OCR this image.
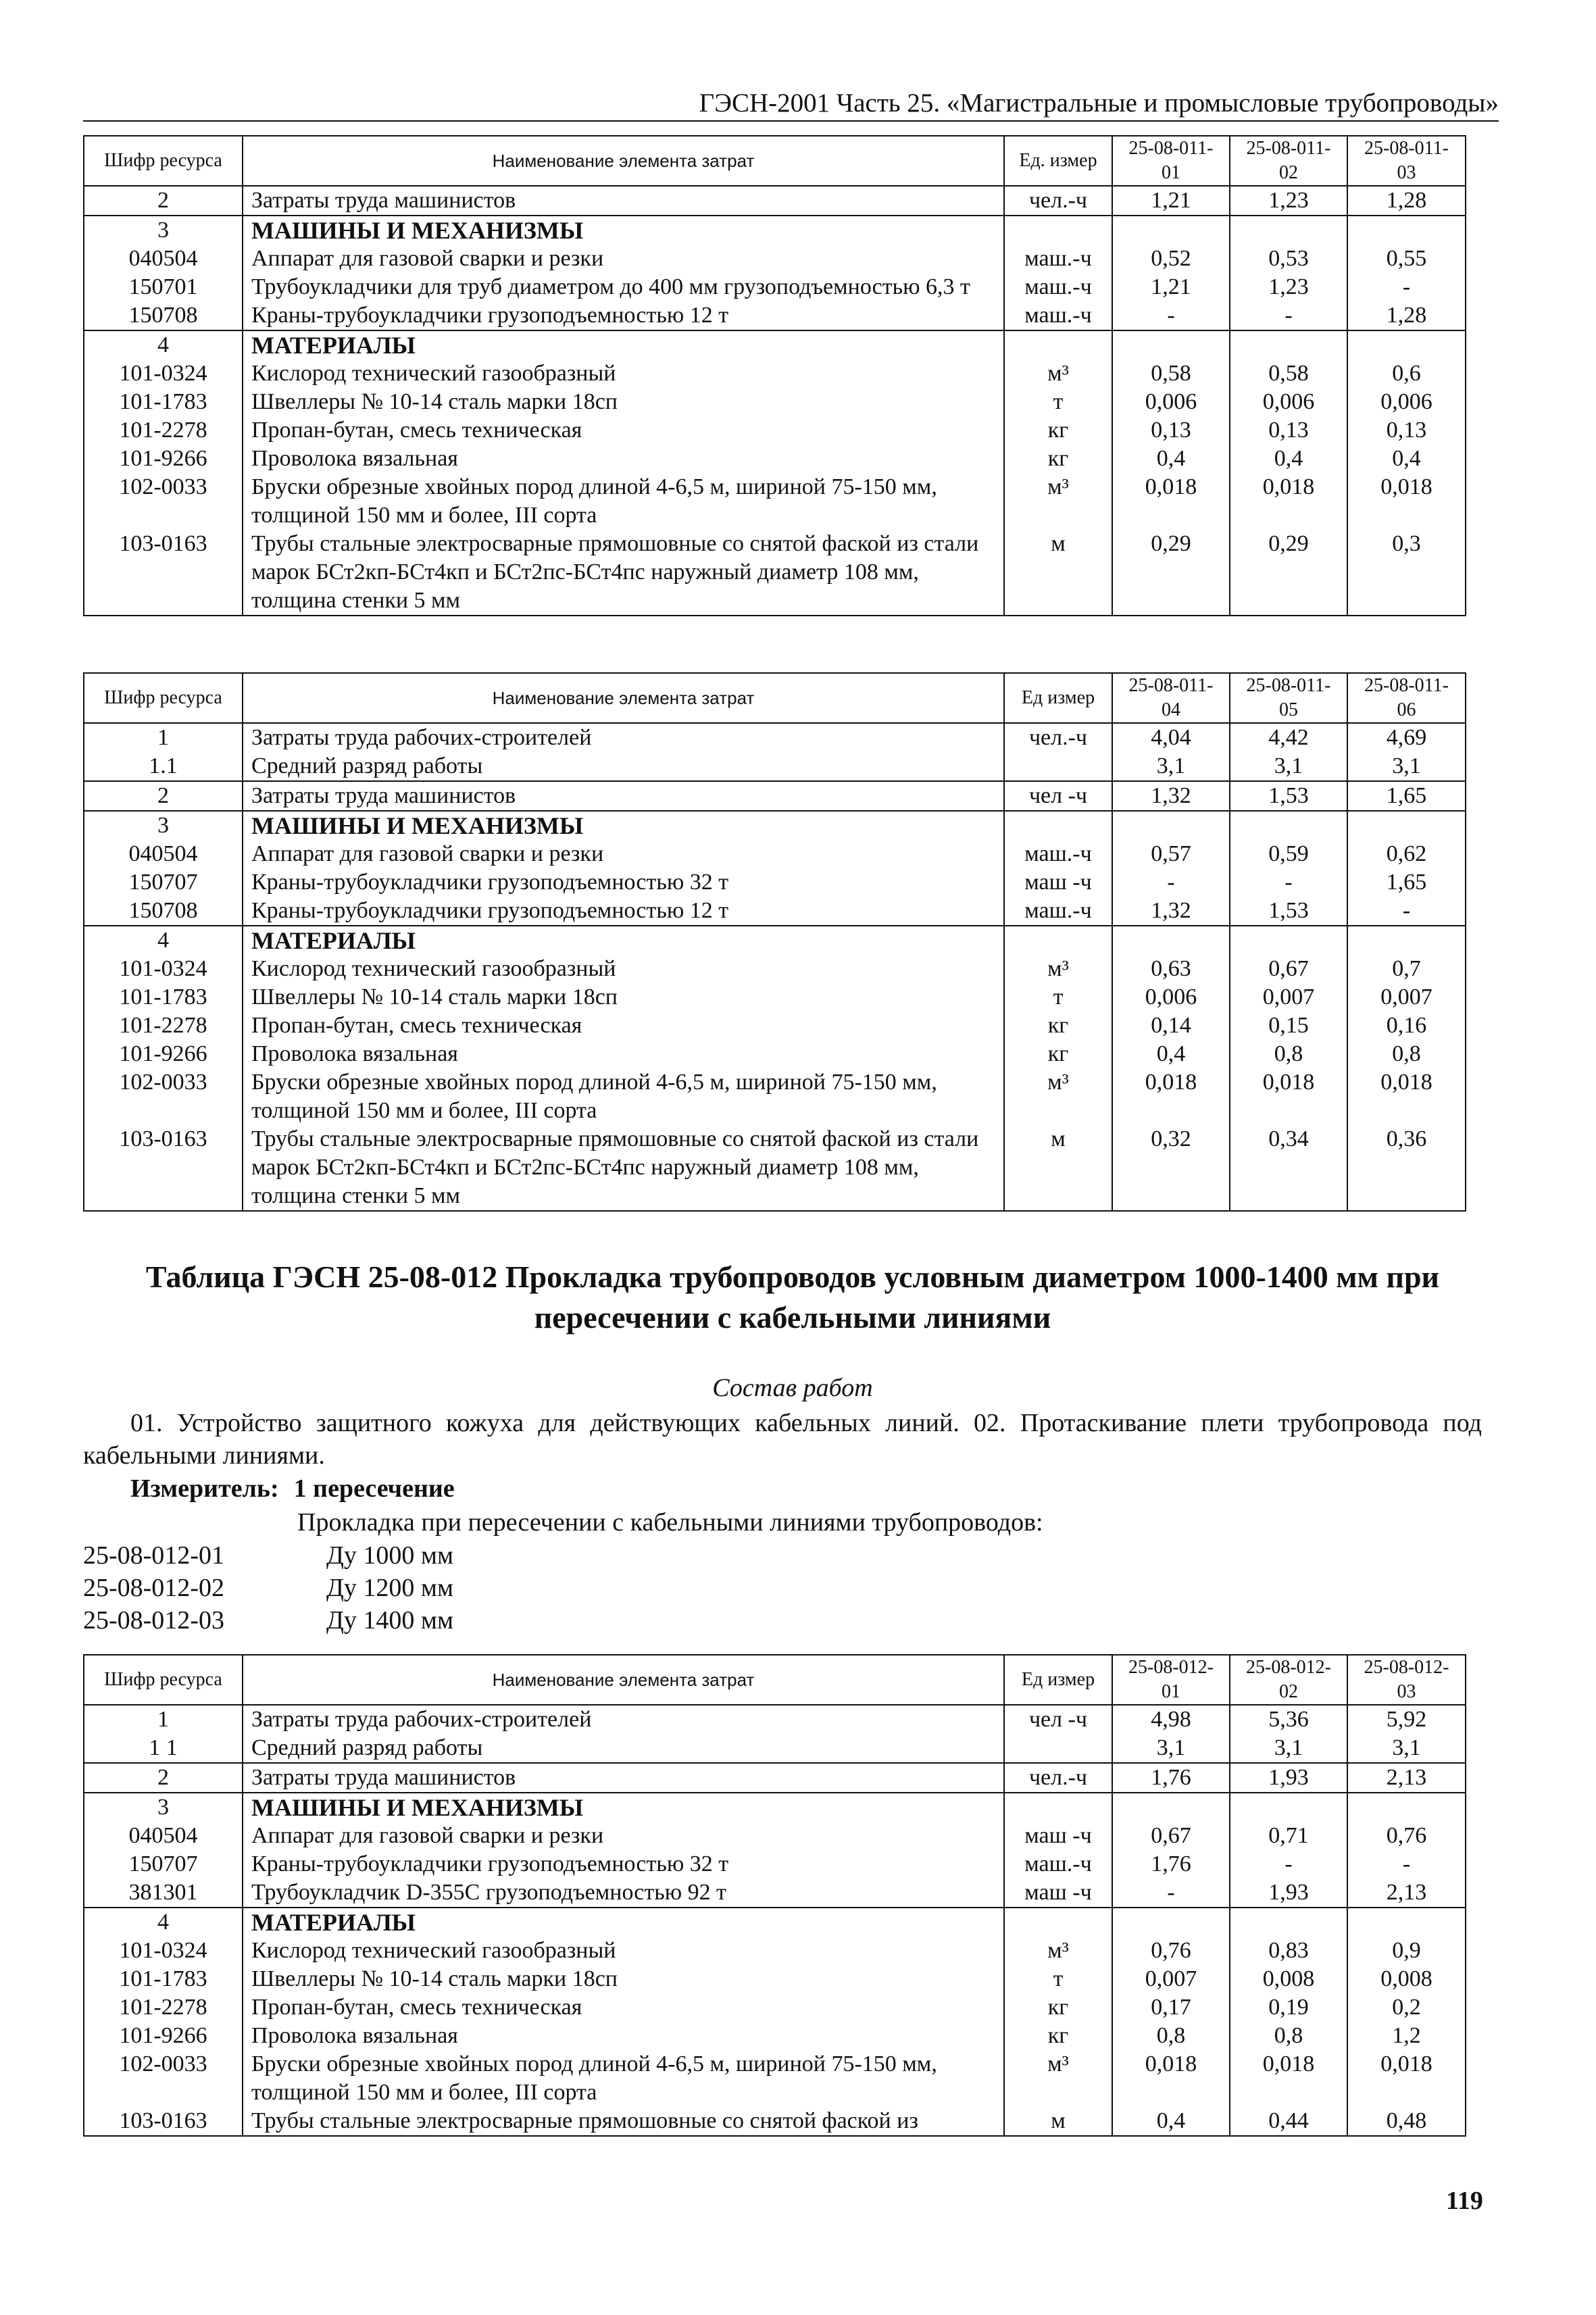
ГЭСН-2001 Часть 25. «Магистральные и промысловые трубопроводы»
Шифр ресурса	Наименование элемента затрат	Ед. измер	25-08-011-01	25-08-011-02	25-08-011-03
2	Затраты труда машинистов	чел.-ч	1,21	1,23	1,28
3	МАШИНЫ И МЕХАНИЗМЫ				
040504	Аппарат для газовой сварки и резки	маш.-ч	0,52	0,53	0,55
150701	Трубоукладчики для труб диаметром до 400 мм грузоподъемностью 6,3 т	маш.-ч	1,21	1,23	-
150708	Краны-трубоукладчики грузоподъемностью 12 т	маш.-ч	-	-	1,28
4	МАТЕРИАЛЫ				
101-0324	Кислород технический газообразный	м³	0,58	0,58	0,6
101-1783	Швеллеры № 10-14 сталь марки 18сп	т	0,006	0,006	0,006
101-2278	Пропан-бутан, смесь техническая	кг	0,13	0,13	0,13
101-9266	Проволока вязальная	кг	0,4	0,4	0,4
102-0033	Бруски обрезные хвойных пород длиной 4-6,5 м, шириной 75-150 мм, толщиной 150 мм и более, III сорта	м³	0,018	0,018	0,018
103-0163	Трубы стальные электросварные прямошовные со снятой фаской из стали марок БСт2кп-БСт4кп и БСт2пс-БСт4пс наружный диаметр 108 мм, толщина стенки 5 мм	м	0,29	0,29	0,3
Шифр ресурса	Наименование элемента затрат	Ед измер	25-08-011-04	25-08-011-05	25-08-011-06
1	Затраты труда рабочих-строителей	чел.-ч	4,04	4,42	4,69
1.1	Средний разряд работы		3,1	3,1	3,1
2	Затраты труда машинистов	чел -ч	1,32	1,53	1,65
3	МАШИНЫ И МЕХАНИЗМЫ				
040504	Аппарат для газовой сварки и резки	маш.-ч	0,57	0,59	0,62
150707	Краны-трубоукладчики грузоподъемностью 32 т	маш -ч	-	-	1,65
150708	Краны-трубоукладчики грузоподъемностью 12 т	маш.-ч	1,32	1,53	-
4	МАТЕРИАЛЫ				
101-0324	Кислород технический газообразный	м³	0,63	0,67	0,7
101-1783	Швеллеры № 10-14 сталь марки 18сп	т	0,006	0,007	0,007
101-2278	Пропан-бутан, смесь техническая	кг	0,14	0,15	0,16
101-9266	Проволока вязальная	кг	0,4	0,8	0,8
102-0033	Бруски обрезные хвойных пород длиной 4-6,5 м, шириной 75-150 мм, толщиной 150 мм и более, III сорта	м³	0,018	0,018	0,018
103-0163	Трубы стальные электросварные прямошовные со снятой фаской из стали марок БСт2кп-БСт4кп и БСт2пс-БСт4пс наружный диаметр 108 мм, толщина стенки 5 мм	м	0,32	0,34	0,36
Таблица ГЭСН 25-08-012 Прокладка трубопроводов условным диаметром 1000-1400 мм при пересечении с кабельными линиями
Состав работ
01. Устройство защитного кожуха для действующих кабельных линий. 02. Протаскивание плети трубопровода под кабельными линиями.
Измеритель: 1 пересечение
Прокладка при пересечении с кабельными линиями трубопроводов:
25-08-012-01	Ду 1000 мм
25-08-012-02	Ду 1200 мм
25-08-012-03	Ду 1400 мм
Шифр ресурса	Наименование элемента затрат	Ед измер	25-08-012-01	25-08-012-02	25-08-012-03
1	Затраты труда рабочих-строителей	чел -ч	4,98	5,36	5,92
1 1	Средний разряд работы		3,1	3,1	3,1
2	Затраты труда машинистов	чел.-ч	1,76	1,93	2,13
3	МАШИНЫ И МЕХАНИЗМЫ				
040504	Аппарат для газовой сварки и резки	маш -ч	0,67	0,71	0,76
150707	Краны-трубоукладчики грузоподъемностью 32 т	маш.-ч	1,76	-	-
381301	Трубоукладчик D-355C грузоподъемностью 92 т	маш -ч	-	1,93	2,13
4	МАТЕРИАЛЫ				
101-0324	Кислород технический газообразный	м³	0,76	0,83	0,9
101-1783	Швеллеры № 10-14 сталь марки 18сп	т	0,007	0,008	0,008
101-2278	Пропан-бутан, смесь техническая	кг	0,17	0,19	0,2
101-9266	Проволока вязальная	кг	0,8	0,8	1,2
102-0033	Бруски обрезные хвойных пород длиной 4-6,5 м, шириной 75-150 мм, толщиной 150 мм и более, III сорта	м³	0,018	0,018	0,018
103-0163	Трубы стальные электросварные прямошовные со снятой фаской из	м	0,4	0,44	0,48
119
